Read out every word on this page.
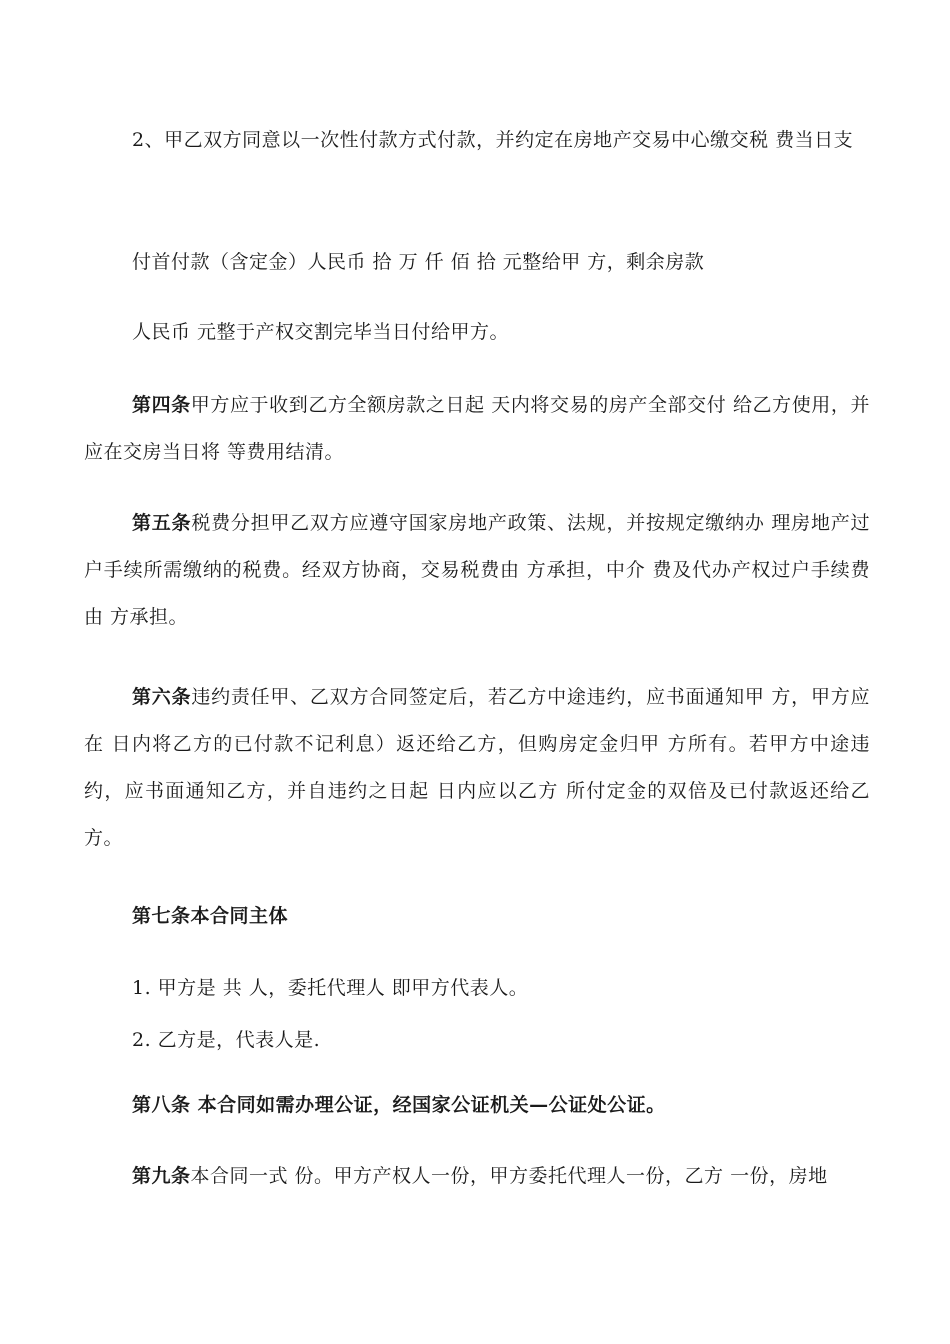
2、甲乙双方同意以一次性付款方式付款，并约定在房地产交易中心缴交税 费当日支

付首付款（含定金）人民币 拾 万 仟 佰 拾 元整给甲 方，剩余房款

人民币 元整于产权交割完毕当日付给甲方。

第四条甲方应于收到乙方全额房款之日起 天内将交易的房产全部交付 给乙方使用，并应在交房当日将 等费用结清。

第五条税费分担甲乙双方应遵守国家房地产政策、法规，并按规定缴纳办 理房地产过户手续所需缴纳的税费。经双方协商，交易税费由 方承担，中介 费及代办产权过户手续费由 方承担。

第六条违约责任甲、乙双方合同签定后，若乙方中途违约，应书面通知甲 方，甲方应在 日内将乙方的已付款不记利息）返还给乙方，但购房定金归甲 方所有。若甲方中途违约，应书面通知乙方，并自违约之日起 日内应以乙方 所付定金的双倍及已付款返还给乙方。

第七条本合同主体

1. 甲方是 共 人，委托代理人 即甲方代表人。

2. 乙方是，代表人是.

第八条 本合同如需办理公证，经国家公证机关—公证处公证。

第九条本合同一式 份。甲方产权人一份，甲方委托代理人一份，乙方 一份，房地
